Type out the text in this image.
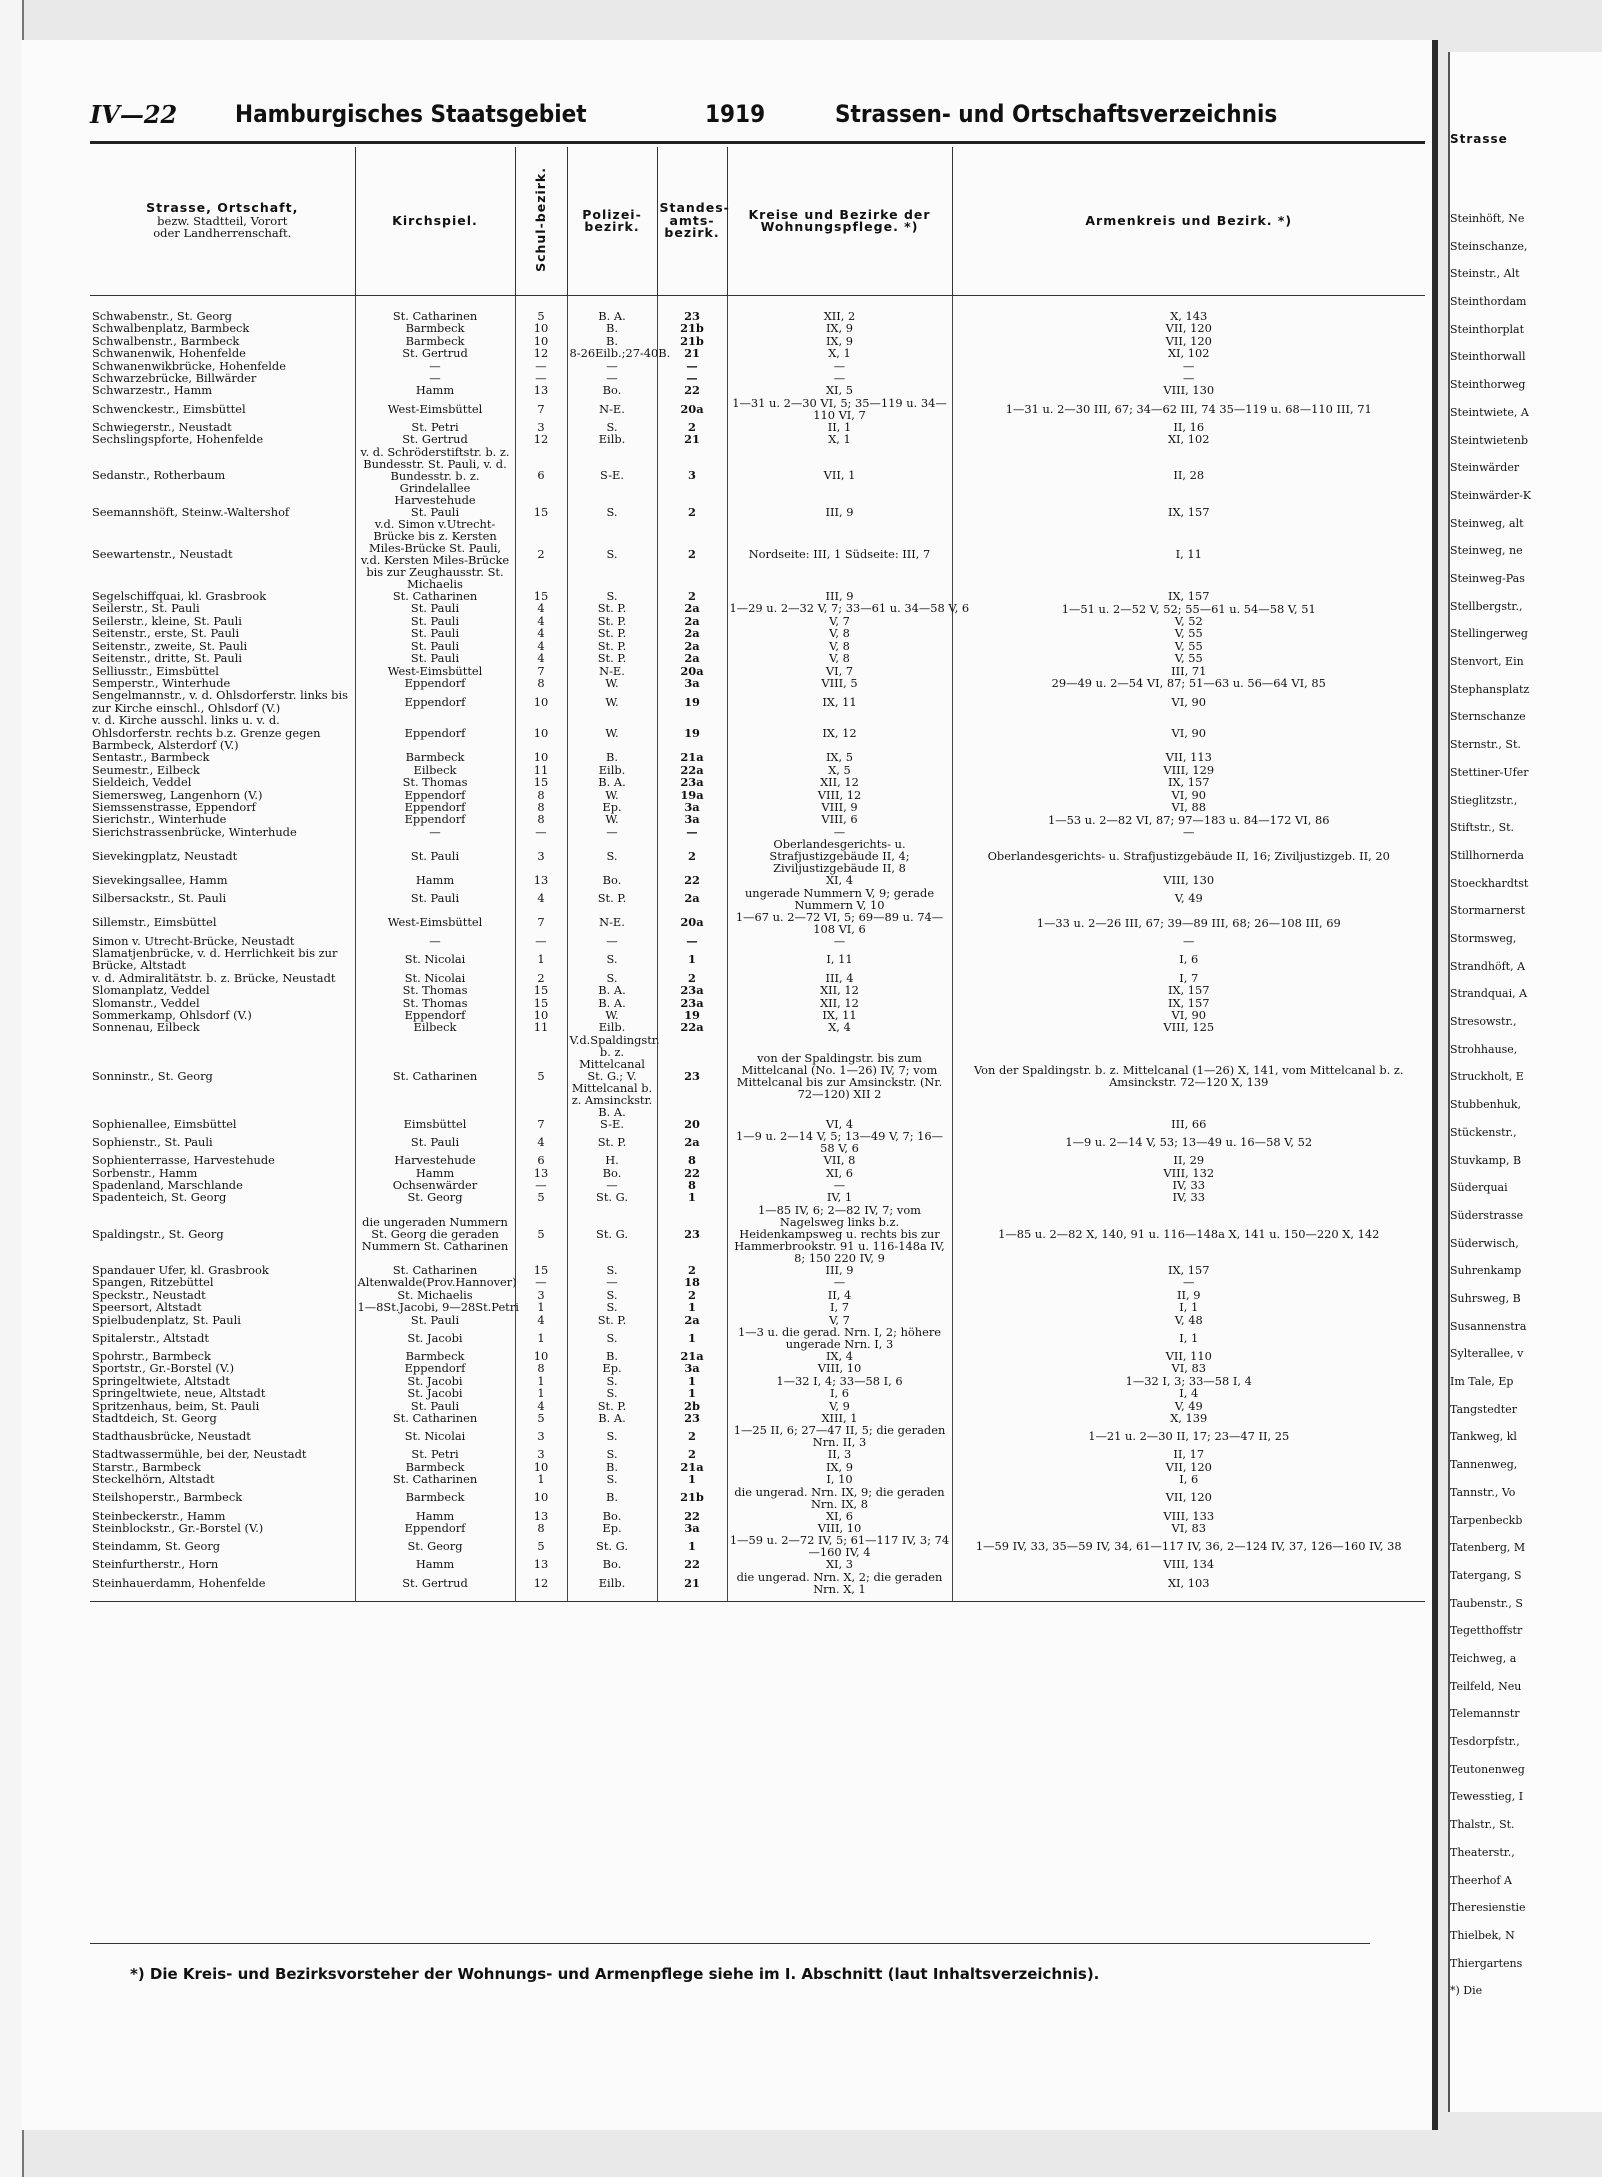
IV—22 Hamburgisches Staatsgebiet	1919	Strassen- und Ortschaftsverzeichnis
Strasse, Ortschaft,
bezw. Stadtteil, Vorort
oder Landherrenschaft.	Kirchspiel.	Schul-bezirk.	Polizei-bezirk.	Standes-amts-bezirk.	Kreise und Bezirke der Wohnungspflege. *)	Armenkreis und Bezirk. *)
Schwabenstr., St. Georg	St. Catharinen	5	B. A.	23	XII, 2	X, 143
Schwalbenplatz, Barmbeck	Barmbeck	10	B.	21b	IX, 9	VII, 120
Schwalbenstr., Barmbeck	Barmbeck	10	B.	21b	IX, 9	VII, 120
Schwanenwik, Hohenfelde	St. Gertrud	12	8-26Eilb.;27-40B.	21	X, 1	XI, 102
Schwanenwikbrücke, Hohenfelde	—	—	—	—	—	—
Schwarzebrücke, Billwärder	—	—	—	—	—	—
Schwarzestr., Hamm	Hamm	13	Bo.	22	XI, 5	VIII, 130
Schwenckestr., Eimsbüttel	West-Eimsbüttel	7	N-E.	20a	1—31 u. 2—30 VI, 5; 35—119 u. 34—110 VI, 7	1—31 u. 2—30 III, 67; 34—62 III, 74 35—119 u. 68—110 III, 71
Schwiegerstr., Neustadt	St. Petri	3	S.	2	II, 1	II, 16
Sechslingspforte, Hohenfelde	St. Gertrud	12	Eilb.	21	X, 1	XI, 102
Sedanstr., Rotherbaum	v. d. Schröderstiftstr. b. z. Bundesstr. St. Pauli, v. d. Bundesstr. b. z. Grindelallee Harvestehude	6	S-E.	3	VII, 1	II, 28
Seemannshöft, Steinw.-Waltershof	St. Pauli	15	S.	2	III, 9	IX, 157
Seewartenstr., Neustadt	v.d. Simon v.Utrecht-Brücke bis z. Kersten Miles-Brücke St. Pauli, v.d. Kersten Miles-Brücke bis zur Zeughausstr. St. Michaelis	2	S.	2	Nordseite: III, 1 Südseite: III, 7	I, 11
Segelschiffquai, kl. Grasbrook	St. Catharinen	15	S.	2	III, 9	IX, 157
Seilerstr., St. Pauli	St. Pauli	4	St. P.	2a	1—29 u. 2—32 V, 7; 33—61 u. 34—58 V, 6	1—51 u. 2—52 V, 52; 55—61 u. 54—58 V, 51
Seilerstr., kleine, St. Pauli	St. Pauli	4	St. P.	2a	V, 7	V, 52
Seitenstr., erste, St. Pauli	St. Pauli	4	St. P.	2a	V, 8	V, 55
Seitenstr., zweite, St. Pauli	St. Pauli	4	St. P.	2a	V, 8	V, 55
Seitenstr., dritte, St. Pauli	St. Pauli	4	St. P.	2a	V, 8	V, 55
Selliusstr., Eimsbüttel	West-Eimsbüttel	7	N-E.	20a	VI, 7	III, 71
Semperstr., Winterhude	Eppendorf	8	W.	3a	VIII, 5	29—49 u. 2—54 VI, 87; 51—63 u. 56—64 VI, 85
Sengelmannstr., v. d. Ohlsdorferstr. links bis zur Kirche einschl., Ohlsdorf (V.)	Eppendorf	10	W.	19	IX, 11	VI, 90
v. d. Kirche ausschl. links u. v. d. Ohlsdorferstr. rechts b.z. Grenze gegen Barmbeck, Alsterdorf (V.)	Eppendorf	10	W.	19	IX, 12	VI, 90
Sentastr., Barmbeck	Barmbeck	10	B.	21a	IX, 5	VII, 113
Seumestr., Eilbeck	Eilbeck	11	Eilb.	22a	X, 5	VIII, 129
Sieldeich, Veddel	St. Thomas	15	B. A.	23a	XII, 12	IX, 157
Siemersweg, Langenhorn (V.)	Eppendorf	8	W.	19a	VIII, 12	VI, 90
Siemssenstrasse, Eppendorf	Eppendorf	8	Ep.	3a	VIII, 9	VI, 88
Sierichstr., Winterhude	Eppendorf	8	W.	3a	VIII, 6	1—53 u. 2—82 VI, 87; 97—183 u. 84—172 VI, 86
Sierichstrassenbrücke, Winterhude	—	—	—	—	—	—
Sievekingplatz, Neustadt	St. Pauli	3	S.	2	Oberlandesgerichts- u. Strafjustizgebäude II, 4; Ziviljustizgebäude II, 8	Oberlandesgerichts- u. Strafjustizgebäude II, 16; Ziviljustizgeb. II, 20
Sievekingsallee, Hamm	Hamm	13	Bo.	22	XI, 4	VIII, 130
Silbersackstr., St. Pauli	St. Pauli	4	St. P.	2a	ungerade Nummern V, 9; gerade Nummern V, 10	V, 49
Sillemstr., Eimsbüttel	West-Eimsbüttel	7	N-E.	20a	1—67 u. 2—72 VI, 5; 69—89 u. 74—108 VI, 6	1—33 u. 2—26 III, 67; 39—89 III, 68; 26—108 III, 69
Simon v. Utrecht-Brücke, Neustadt	—	—	—	—	—	—
Slamatjenbrücke, v. d. Herrlichkeit bis zur Brücke, Altstadt	St. Nicolai	1	S.	1	I, 11	I, 6
v. d. Admiralitätstr. b. z. Brücke, Neustadt	St. Nicolai	2	S.	2	III, 4	I, 7
Slomanplatz, Veddel	St. Thomas	15	B. A.	23a	XII, 12	IX, 157
Slomanstr., Veddel	St. Thomas	15	B. A.	23a	XII, 12	IX, 157
Sommerkamp, Ohlsdorf (V.)	Eppendorf	10	W.	19	IX, 11	VI, 90
Sonnenau, Eilbeck	Eilbeck	11	Eilb.	22a	X, 4	VIII, 125
Sonninstr., St. Georg	St. Catharinen	5	V.d.Spaldingstr. b. z. Mittelcanal St. G.; V. Mittelcanal b. z. Amsinckstr. B. A.	23	von der Spaldingstr. bis zum Mittelcanal (No. 1—26) IV, 7; vom Mittelcanal bis zur Amsinckstr. (Nr. 72—120) XII 2	Von der Spaldingstr. b. z. Mittelcanal (1—26) X, 141, vom Mittelcanal b. z. Amsinckstr. 72—120 X, 139
Sophienallee, Eimsbüttel	Eimsbüttel	7	S-E.	20	VI, 4	III, 66
Sophienstr., St. Pauli	St. Pauli	4	St. P.	2a	1—9 u. 2—14 V, 5; 13—49 V, 7; 16—58 V, 6	1—9 u. 2—14 V, 53; 13—49 u. 16—58 V, 52
Sophienterrasse, Harvestehude	Harvestehude	6	H.	8	VII, 8	II, 29
Sorbenstr., Hamm	Hamm	13	Bo.	22	XI, 6	VIII, 132
Spadenland, Marschlande	Ochsenwärder	—	—	8	—	IV, 33
Spadenteich, St. Georg	St. Georg	5	St. G.	1	IV, 1	IV, 33
Spaldingstr., St. Georg	die ungeraden Nummern St. Georg die geraden Nummern St. Catharinen	5	St. G.	23	1—85 IV, 6; 2—82 IV, 7; vom Nagelsweg links b.z. Heidenkampsweg u. rechts bis zur Hammerbrookstr. 91 u. 116-148a IV, 8; 150 220 IV, 9	1—85 u. 2—82 X, 140, 91 u. 116—148a X, 141 u. 150—220 X, 142
Spandauer Ufer, kl. Grasbrook	St. Catharinen	15	S.	2	III, 9	IX, 157
Spangen, Ritzebüttel	Altenwalde(Prov.Hannover)	—	—	18	—	—
Speckstr., Neustadt	St. Michaelis	3	S.	2	II, 4	II, 9
Speersort, Altstadt	1—8St.Jacobi, 9—28St.Petri	1	S.	1	I, 7	I, 1
Spielbudenplatz, St. Pauli	St. Pauli	4	St. P.	2a	V, 7	V, 48
Spitalerstr., Altstadt	St. Jacobi	1	S.	1	1—3 u. die gerad. Nrn. I, 2; höhere ungerade Nrn. I, 3	I, 1
Spohrstr., Barmbeck	Barmbeck	10	B.	21a	IX, 4	VII, 110
Sportstr., Gr.-Borstel (V.)	Eppendorf	8	Ep.	3a	VIII, 10	VI, 83
Springeltwiete, Altstadt	St. Jacobi	1	S.	1	1—32 I, 4; 33—58 I, 6	1—32 I, 3; 33—58 I, 4
Springeltwiete, neue, Altstadt	St. Jacobi	1	S.	1	I, 6	I, 4
Spritzenhaus, beim, St. Pauli	St. Pauli	4	St. P.	2b	V, 9	V, 49
Stadtdeich, St. Georg	St. Catharinen	5	B. A.	23	XIII, 1	X, 139
Stadthausbrücke, Neustadt	St. Nicolai	3	S.	2	1—25 II, 6; 27—47 II, 5; die geraden Nrn. II, 3	1—21 u. 2—30 II, 17; 23—47 II, 25
Stadtwassermühle, bei der, Neustadt	St. Petri	3	S.	2	II, 3	II, 17
Starstr., Barmbeck	Barmbeck	10	B.	21a	IX, 9	VII, 120
Steckelhörn, Altstadt	St. Catharinen	1	S.	1	I, 10	I, 6
Steilshoperstr., Barmbeck	Barmbeck	10	B.	21b	die ungerad. Nrn. IX, 9; die geraden Nrn. IX, 8	VII, 120
Steinbeckerstr., Hamm	Hamm	13	Bo.	22	XI, 6	VIII, 133
Steinblockstr., Gr.-Borstel (V.)	Eppendorf	8	Ep.	3a	VIII, 10	VI, 83
Steindamm, St. Georg	St. Georg	5	St. G.	1	1—59 u. 2—72 IV, 5; 61—117 IV, 3; 74—160 IV, 4	1—59 IV, 33, 35—59 IV, 34, 61—117 IV, 36, 2—124 IV, 37, 126—160 IV, 38
Steinfurtherstr., Horn	Hamm	13	Bo.	22	XI, 3	VIII, 134
Steinhauerdamm, Hohenfelde	St. Gertrud	12	Eilb.	21	die ungerad. Nrn. X, 2; die geraden Nrn. X, 1	XI, 103
*) Die Kreis- und Bezirksvorsteher der Wohnungs- und Armenpflege siehe im I. Abschnitt (laut Inhaltsverzeichnis).
Strasse
Steinhöft, Ne
Steinschanze,
Steinstr., Alt
Steinthordam
Steinthorplat
Steinthorwall
Steinthorweg
Steintwiete, A
Steintwietenb
Steinwärder
Steinwärder-K
Steinweg, alt
Steinweg, ne
Steinweg-Pas
Stellbergstr.,
Stellingerweg
Stenvort, Ein
Stephansplatz
Sternschanze
Sternstr., St.
Stettiner-Ufer
Stieglitzstr.,
Stiftstr., St.
Stillhornerda
Stoeckhardtst
Stormarnerst
Stormsweg,
Strandhöft, A
Strandquai, A
Stresowstr.,
Strohhause,
Struckholt, E
Stubbenhuk,
Stückenstr.,
Stuvkamp, B
Süderquai
Süderstrasse
Süderwisch,
Suhrenkamp
Suhrsweg, B
Susannenstra
Sylterallee, v
Im Tale, Ep
Tangstedter
Tankweg, kl
Tannenweg,
Tannstr., Vo
Tarpenbeckb
Tatenberg, M
Tatergang, S
Taubenstr., S
Tegetthoffstr
Teichweg, a
Teilfeld, Neu
Telemannstr
Tesdorpfstr.,
Teutonenweg
Tewesstieg, I
Thalstr., St.
Theaterstr.,
Theerhof A
Theresienstie
Thielbek, N
Thiergartens
*) Die
